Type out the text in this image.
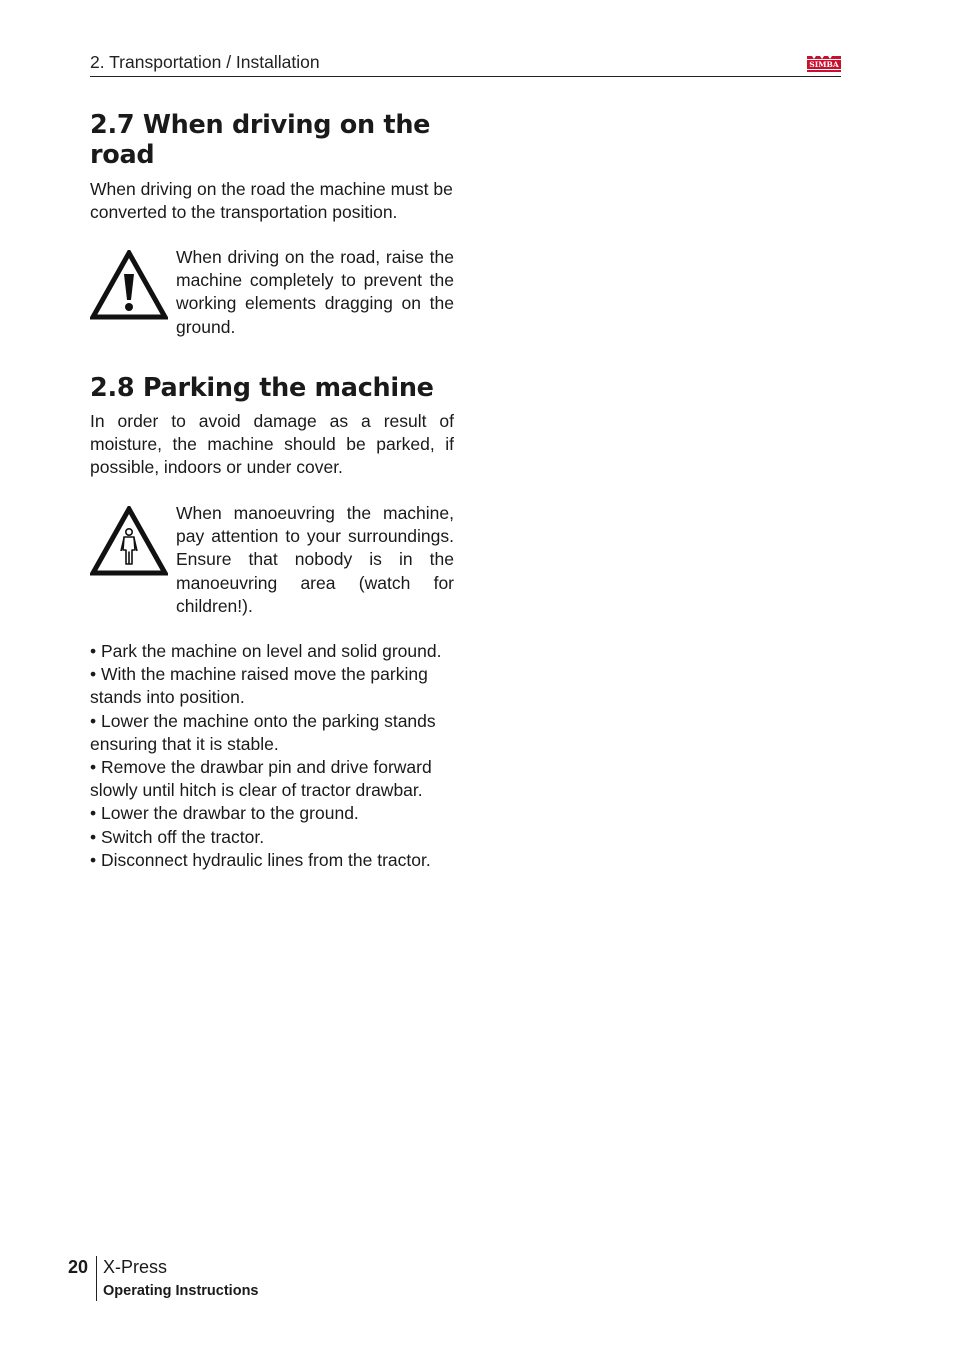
2. Transportation / Installation	SIMBA
2.7 When driving on the road

When driving on the road the machine must be converted to the transportation position.

When driving on the road, raise the machine completely to prevent the working elements dragging on the ground.
2.8 Parking the machine

In order to avoid damage as a result of moisture, the machine should be parked, if possible, indoors or under cover.

When manoeuvring the machine, pay attention to your surroundings. Ensure that nobody is in the manoeuvring area (watch for children!).
• Park the machine on level and solid ground.
• With the machine raised move the parking stands into position.
• Lower the machine onto the parking stands ensuring that it is stable.
• Remove the drawbar pin and drive forward slowly until hitch is clear of tractor drawbar.
• Lower the drawbar to the ground.
• Switch off the tractor.
• Disconnect hydraulic lines from the tractor.
20 X-Press
Operating Instructions
